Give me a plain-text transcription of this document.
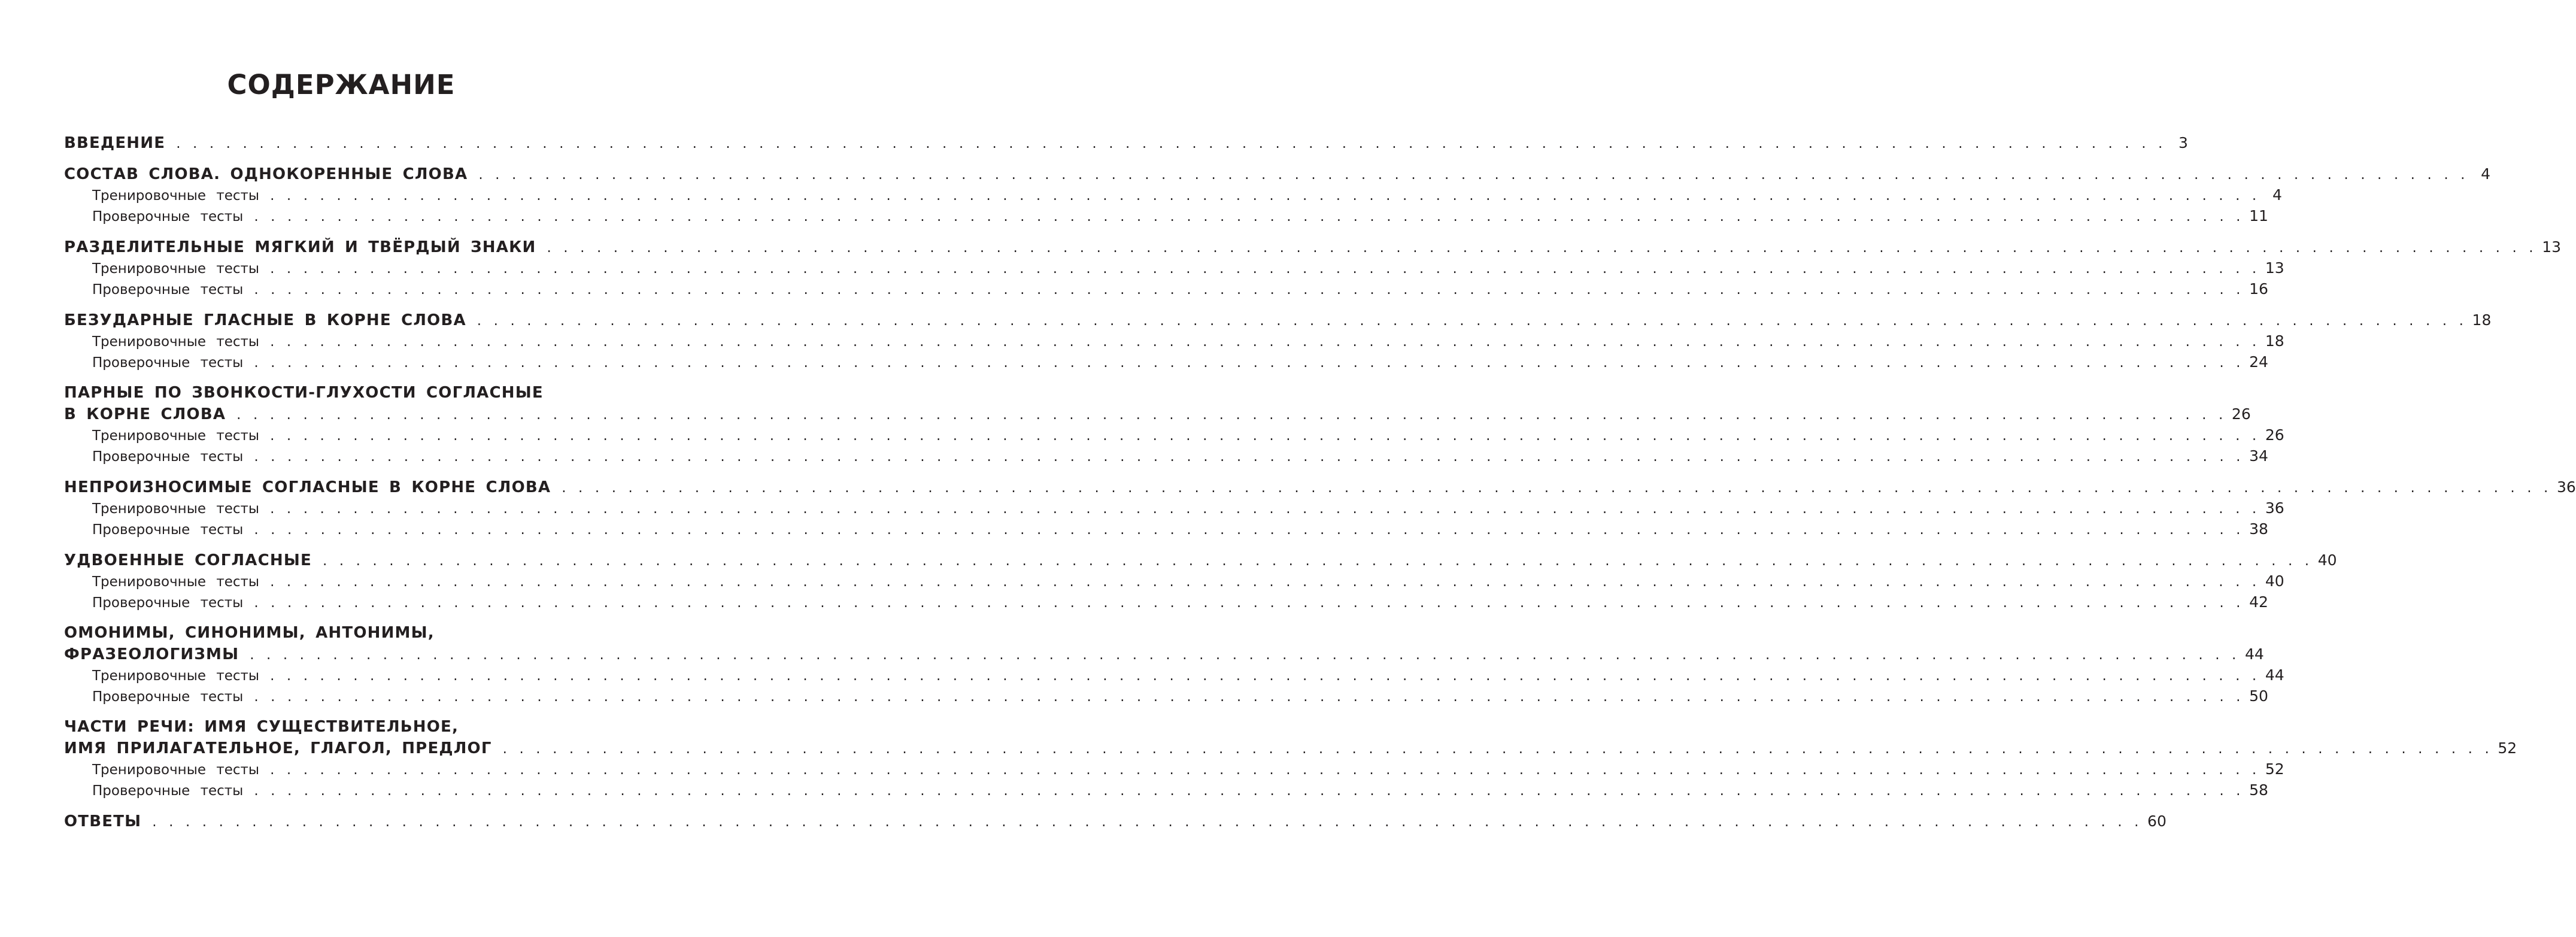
СОДЕРЖАНИЕ
ВВЕДЕНИЕ . . . . . . . . . . . . . . . . . . . . . . . . . . . . . . . . . . . . . . . . . . . . . . . . . . . . . . . . . . . . . . . . . . . . . . . . . . . . . . . . . . . . . . . . . . . . . . . . . . . . . . . . . . . . . . . . . . . . . . . . 3
СОСТАВ СЛОВА. ОДНОКОРЕННЫЕ СЛОВА . . . . . . . . . . . . . . . . . . . . . . . . . . . . . . . . . . . . . . . . . . . . . . . . . . . . . . . . . . . . . . . . . . . . . . . . . . . . . . . . . . . . . . . . . . . . . . . . . . . . . . . . . . . . . . . . . . . . . . . . 4
Тренировочные тесты . . . . . . . . . . . . . . . . . . . . . . . . . . . . . . . . . . . . . . . . . . . . . . . . . . . . . . . . . . . . . . . . . . . . . . . . . . . . . . . . . . . . . . . . . . . . . . . . . . . . . . . . . . . . . . . . . . . . . . . . 4
Проверочные тесты . . . . . . . . . . . . . . . . . . . . . . . . . . . . . . . . . . . . . . . . . . . . . . . . . . . . . . . . . . . . . . . . . . . . . . . . . . . . . . . . . . . . . . . . . . . . . . . . . . . . . . . . . . . . . . . . . . . . . . . . 11
РАЗДЕЛИТЕЛЬНЫЕ МЯГКИЙ И ТВЁРДЫЙ ЗНАКИ . . . . . . . . . . . . . . . . . . . . . . . . . . . . . . . . . . . . . . . . . . . . . . . . . . . . . . . . . . . . . . . . . . . . . . . . . . . . . . . . . . . . . . . . . . . . . . . . . . . . . . . . . . . . . . . . . . . . . . . . 13
Тренировочные тесты . . . . . . . . . . . . . . . . . . . . . . . . . . . . . . . . . . . . . . . . . . . . . . . . . . . . . . . . . . . . . . . . . . . . . . . . . . . . . . . . . . . . . . . . . . . . . . . . . . . . . . . . . . . . . . . . . . . . . . . . 13
Проверочные тесты . . . . . . . . . . . . . . . . . . . . . . . . . . . . . . . . . . . . . . . . . . . . . . . . . . . . . . . . . . . . . . . . . . . . . . . . . . . . . . . . . . . . . . . . . . . . . . . . . . . . . . . . . . . . . . . . . . . . . . . . 16
БЕЗУДАРНЫЕ ГЛАСНЫЕ В КОРНЕ СЛОВА . . . . . . . . . . . . . . . . . . . . . . . . . . . . . . . . . . . . . . . . . . . . . . . . . . . . . . . . . . . . . . . . . . . . . . . . . . . . . . . . . . . . . . . . . . . . . . . . . . . . . . . . . . . . . . . . . . . . . . . . 18
Тренировочные тесты . . . . . . . . . . . . . . . . . . . . . . . . . . . . . . . . . . . . . . . . . . . . . . . . . . . . . . . . . . . . . . . . . . . . . . . . . . . . . . . . . . . . . . . . . . . . . . . . . . . . . . . . . . . . . . . . . . . . . . . . 18
Проверочные тесты . . . . . . . . . . . . . . . . . . . . . . . . . . . . . . . . . . . . . . . . . . . . . . . . . . . . . . . . . . . . . . . . . . . . . . . . . . . . . . . . . . . . . . . . . . . . . . . . . . . . . . . . . . . . . . . . . . . . . . . . 24
ПАРНЫЕ ПО ЗВОНКОСТИ-ГЛУХОСТИ СОГЛАСНЫЕ
В КОРНЕ СЛОВА . . . . . . . . . . . . . . . . . . . . . . . . . . . . . . . . . . . . . . . . . . . . . . . . . . . . . . . . . . . . . . . . . . . . . . . . . . . . . . . . . . . . . . . . . . . . . . . . . . . . . . . . . . . . . . . . . . . . . . . . 26
Тренировочные тесты . . . . . . . . . . . . . . . . . . . . . . . . . . . . . . . . . . . . . . . . . . . . . . . . . . . . . . . . . . . . . . . . . . . . . . . . . . . . . . . . . . . . . . . . . . . . . . . . . . . . . . . . . . . . . . . . . . . . . . . . 26
Проверочные тесты . . . . . . . . . . . . . . . . . . . . . . . . . . . . . . . . . . . . . . . . . . . . . . . . . . . . . . . . . . . . . . . . . . . . . . . . . . . . . . . . . . . . . . . . . . . . . . . . . . . . . . . . . . . . . . . . . . . . . . . . 34
НЕПРОИЗНОСИМЫЕ СОГЛАСНЫЕ В КОРНЕ СЛОВА . . . . . . . . . . . . . . . . . . . . . . . . . . . . . . . . . . . . . . . . . . . . . . . . . . . . . . . . . . . . . . . . . . . . . . . . . . . . . . . . . . . . . . . . . . . . . . . . . . . . . . . . . . . . . . . . . . . . . . . . 36
Тренировочные тесты . . . . . . . . . . . . . . . . . . . . . . . . . . . . . . . . . . . . . . . . . . . . . . . . . . . . . . . . . . . . . . . . . . . . . . . . . . . . . . . . . . . . . . . . . . . . . . . . . . . . . . . . . . . . . . . . . . . . . . . . 36
Проверочные тесты . . . . . . . . . . . . . . . . . . . . . . . . . . . . . . . . . . . . . . . . . . . . . . . . . . . . . . . . . . . . . . . . . . . . . . . . . . . . . . . . . . . . . . . . . . . . . . . . . . . . . . . . . . . . . . . . . . . . . . . . 38
УДВОЕННЫЕ СОГЛАСНЫЕ . . . . . . . . . . . . . . . . . . . . . . . . . . . . . . . . . . . . . . . . . . . . . . . . . . . . . . . . . . . . . . . . . . . . . . . . . . . . . . . . . . . . . . . . . . . . . . . . . . . . . . . . . . . . . . . . . . . . . . . . 40
Тренировочные тесты . . . . . . . . . . . . . . . . . . . . . . . . . . . . . . . . . . . . . . . . . . . . . . . . . . . . . . . . . . . . . . . . . . . . . . . . . . . . . . . . . . . . . . . . . . . . . . . . . . . . . . . . . . . . . . . . . . . . . . . . 40
Проверочные тесты . . . . . . . . . . . . . . . . . . . . . . . . . . . . . . . . . . . . . . . . . . . . . . . . . . . . . . . . . . . . . . . . . . . . . . . . . . . . . . . . . . . . . . . . . . . . . . . . . . . . . . . . . . . . . . . . . . . . . . . . 42
ОМОНИМЫ, СИНОНИМЫ, АНТОНИМЫ,
ФРАЗЕОЛОГИЗМЫ . . . . . . . . . . . . . . . . . . . . . . . . . . . . . . . . . . . . . . . . . . . . . . . . . . . . . . . . . . . . . . . . . . . . . . . . . . . . . . . . . . . . . . . . . . . . . . . . . . . . . . . . . . . . . . . . . . . . . . . . 44
Тренировочные тесты . . . . . . . . . . . . . . . . . . . . . . . . . . . . . . . . . . . . . . . . . . . . . . . . . . . . . . . . . . . . . . . . . . . . . . . . . . . . . . . . . . . . . . . . . . . . . . . . . . . . . . . . . . . . . . . . . . . . . . . . 44
Проверочные тесты . . . . . . . . . . . . . . . . . . . . . . . . . . . . . . . . . . . . . . . . . . . . . . . . . . . . . . . . . . . . . . . . . . . . . . . . . . . . . . . . . . . . . . . . . . . . . . . . . . . . . . . . . . . . . . . . . . . . . . . . 50
ЧАСТИ РЕЧИ: ИМЯ СУЩЕСТВИТЕЛЬНОЕ,
ИМЯ ПРИЛАГАТЕЛЬНОЕ, ГЛАГОЛ, ПРЕДЛОГ . . . . . . . . . . . . . . . . . . . . . . . . . . . . . . . . . . . . . . . . . . . . . . . . . . . . . . . . . . . . . . . . . . . . . . . . . . . . . . . . . . . . . . . . . . . . . . . . . . . . . . . . . . . . . . . . . . . . . . . . 52
Тренировочные тесты . . . . . . . . . . . . . . . . . . . . . . . . . . . . . . . . . . . . . . . . . . . . . . . . . . . . . . . . . . . . . . . . . . . . . . . . . . . . . . . . . . . . . . . . . . . . . . . . . . . . . . . . . . . . . . . . . . . . . . . . 52
Проверочные тесты . . . . . . . . . . . . . . . . . . . . . . . . . . . . . . . . . . . . . . . . . . . . . . . . . . . . . . . . . . . . . . . . . . . . . . . . . . . . . . . . . . . . . . . . . . . . . . . . . . . . . . . . . . . . . . . . . . . . . . . . 58
ОТВЕТЫ . . . . . . . . . . . . . . . . . . . . . . . . . . . . . . . . . . . . . . . . . . . . . . . . . . . . . . . . . . . . . . . . . . . . . . . . . . . . . . . . . . . . . . . . . . . . . . . . . . . . . . . . . . . . . . . . . . . . . . . . 60
